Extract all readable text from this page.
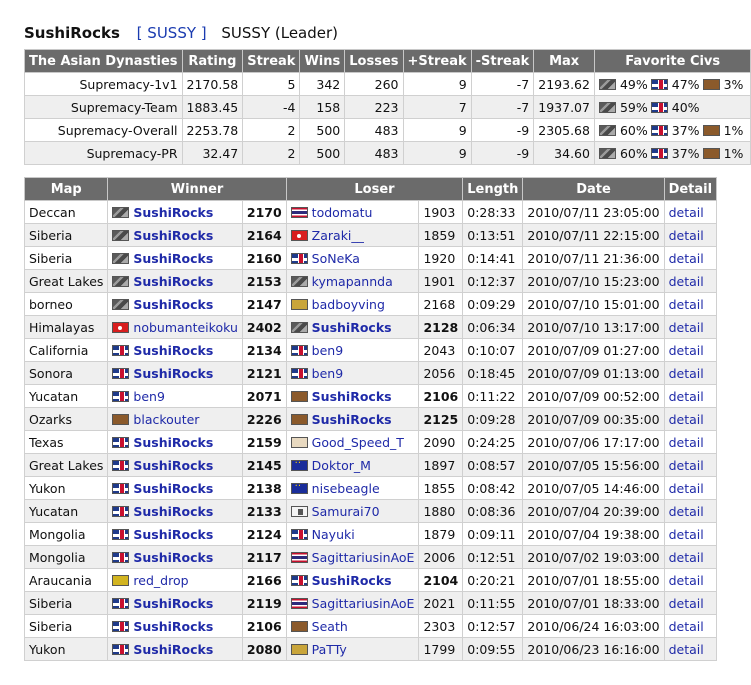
SushiRocks [ SUSSY ] SUSSY (Leader)
The Asian Dynasties	Rating	Streak	Wins	Losses	+Streak	-Streak	Max	Favorite Civs
Supremacy-1v1	2170.58	5	342	260	9	-7	2193.62	49% 47% 3%
Supremacy-Team	1883.45	-4	158	223	7	-7	1937.07	59% 40%
Supremacy-Overall	2253.78	2	500	483	9	-9	2305.68	60% 37% 1%
Supremacy-PR	32.47	2	500	483	9	-9	34.60	60% 37% 1%
Map	Winner		Loser		Length	Date	Detail
Deccan	SushiRocks	2170	todomatu	1903	0:28:33	2010/07/11 23:05:00	detail
Siberia	SushiRocks	2164	Zaraki__	1859	0:13:51	2010/07/11 22:15:00	detail
Siberia	SushiRocks	2160	SoNeKa	1920	0:14:41	2010/07/11 21:36:00	detail
Great Lakes	SushiRocks	2153	kymapannda	1901	0:12:37	2010/07/10 15:23:00	detail
borneo	SushiRocks	2147	badboyving	2168	0:09:29	2010/07/10 15:01:00	detail
Himalayas	nobumanteikoku	2402	SushiRocks	2128	0:06:34	2010/07/10 13:17:00	detail
California	SushiRocks	2134	ben9	2043	0:10:07	2010/07/09 01:27:00	detail
Sonora	SushiRocks	2121	ben9	2056	0:18:45	2010/07/09 01:13:00	detail
Yucatan	ben9	2071	SushiRocks	2106	0:11:22	2010/07/09 00:52:00	detail
Ozarks	blackouter	2226	SushiRocks	2125	0:09:28	2010/07/09 00:35:00	detail
Texas	SushiRocks	2159	Good_Speed_T	2090	0:24:25	2010/07/06 17:17:00	detail
Great Lakes	SushiRocks	2145	··Doktor_M	1897	0:08:57	2010/07/05 15:56:00	detail
Yukon	SushiRocks	2138	··nisebeagle	1855	0:08:42	2010/07/05 14:46:00	detail
Yucatan	SushiRocks	2133	Samurai70	1880	0:08:36	2010/07/04 20:39:00	detail
Mongolia	SushiRocks	2124	Nayuki	1879	0:09:11	2010/07/04 19:38:00	detail
Mongolia	SushiRocks	2117	SagittariusinAoE	2006	0:12:51	2010/07/02 19:03:00	detail
Araucania	red_drop	2166	SushiRocks	2104	0:20:21	2010/07/01 18:55:00	detail
Siberia	SushiRocks	2119	SagittariusinAoE	2021	0:11:55	2010/07/01 18:33:00	detail
Siberia	SushiRocks	2106	Seath	2303	0:12:57	2010/06/24 16:03:00	detail
Yukon	SushiRocks	2080	PaTTy	1799	0:09:55	2010/06/23 16:16:00	detail
